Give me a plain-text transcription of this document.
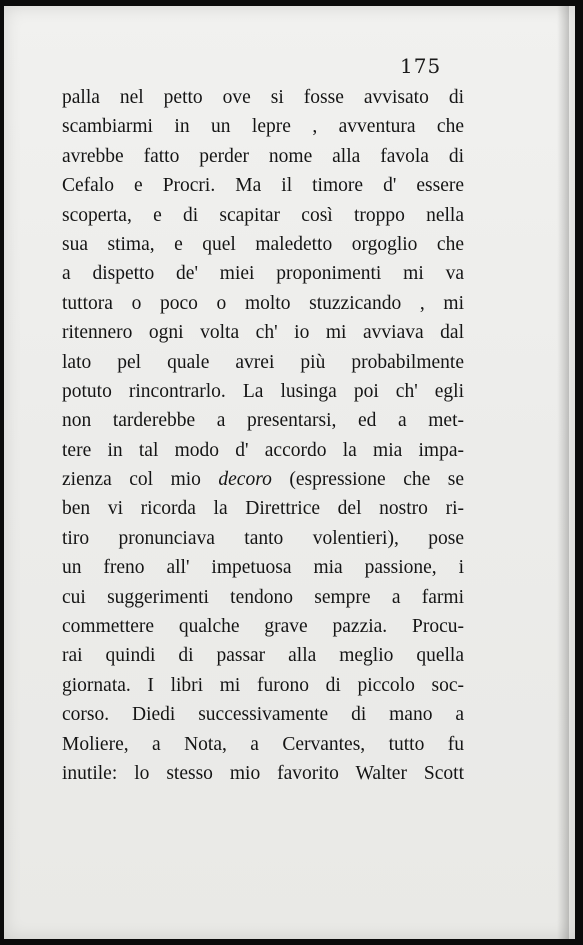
175
palla nel petto ove si fosse avvisato di
scambiarmi in un lepre , avventura che
avrebbe fatto perder nome alla favola di
Cefalo e Procri. Ma il timore d' essere
scoperta, e di scapitar così troppo nella
sua stima, e quel maledetto orgoglio che
a dispetto de' miei proponimenti mi va
tuttora o poco o molto stuzzicando , mi
ritennero ogni volta ch' io mi avviava dal
lato pel quale avrei più probabilmente
potuto rincontrarlo. La lusinga poi ch' egli
non tarderebbe a presentarsi, ed a met-
tere in tal modo d' accordo la mia impa-
zienza col mio decoro (espressione che se
ben vi ricorda la Direttrice del nostro ri-
tiro pronunciava tanto volentieri), pose
un freno all' impetuosa mia passione, i
cui suggerimenti tendono sempre a farmi
commettere qualche grave pazzia. Procu-
rai quindi di passar alla meglio quella
giornata. I libri mi furono di piccolo soc-
corso. Diedi successivamente di mano a
Moliere, a Nota, a Cervantes, tutto fu
inutile: lo stesso mio favorito Walter Scott
